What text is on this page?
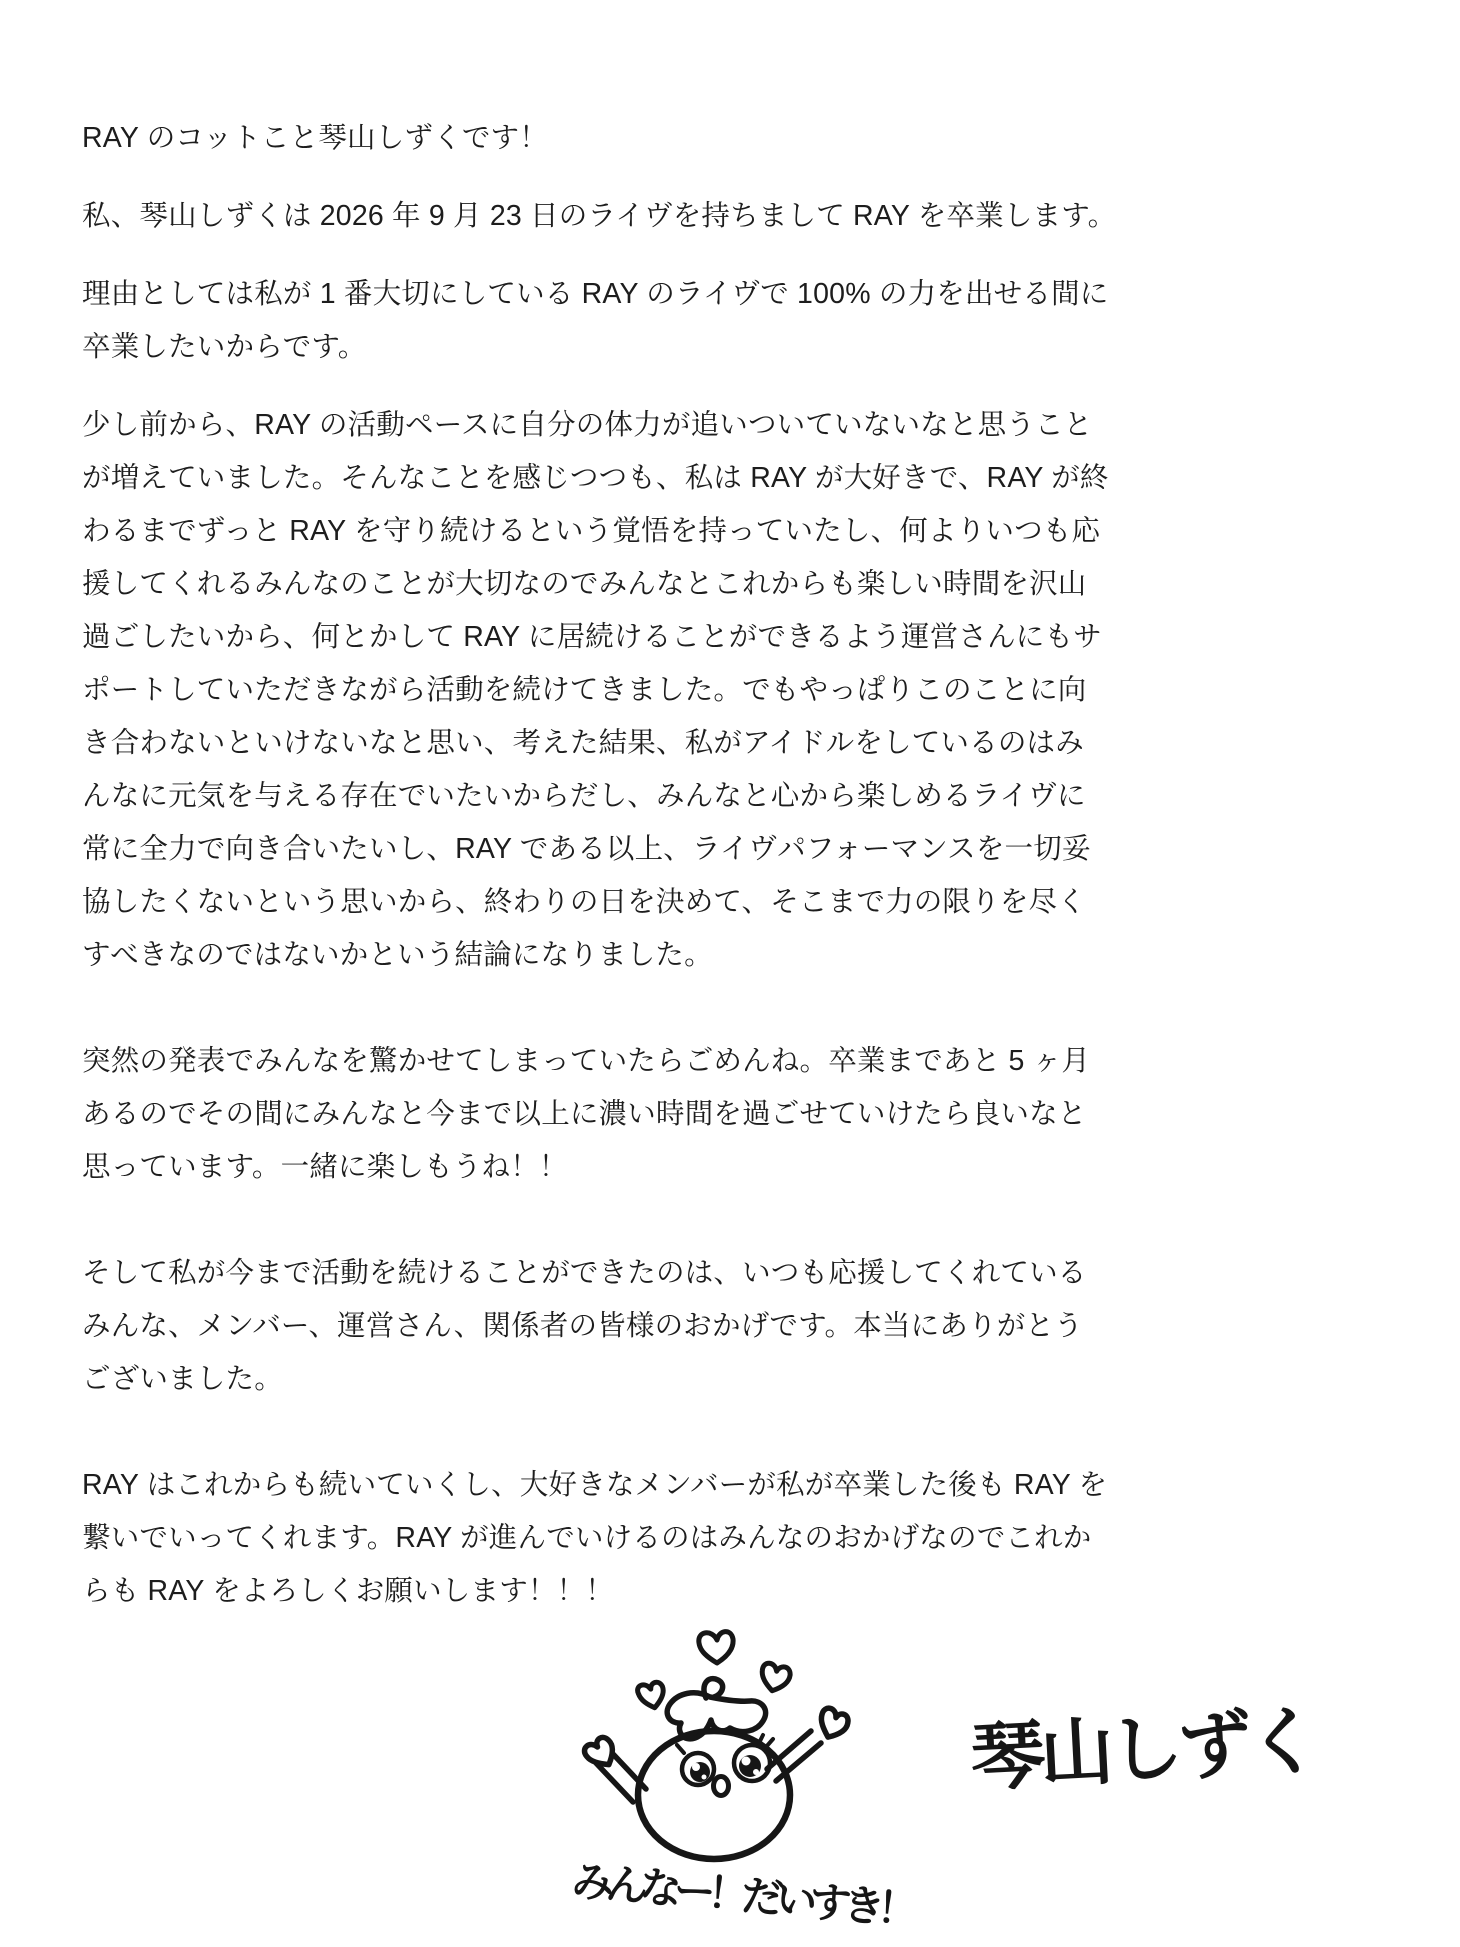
RAY のコットこと琴山しずくです！
私、琴山しずくは 2026 年 9 月 23 日のライヴを持ちまして RAY を卒業します。
理由としては私が 1 番大切にしている RAY のライヴで 100% の力を出せる間に
卒業したいからです。
少し前から、RAY の活動ペースに自分の体力が追いついていないなと思うこと
が増えていました。そんなことを感じつつも、私は RAY が大好きで、RAY が終
わるまでずっと RAY を守り続けるという覚悟を持っていたし、何よりいつも応
援してくれるみんなのことが大切なのでみんなとこれからも楽しい時間を沢山
過ごしたいから、何とかして RAY に居続けることができるよう運営さんにもサ
ポートしていただきながら活動を続けてきました。でもやっぱりこのことに向
き合わないといけないなと思い、考えた結果、私がアイドルをしているのはみ
んなに元気を与える存在でいたいからだし、みんなと心から楽しめるライヴに
常に全力で向き合いたいし、RAY である以上、ライヴパフォーマンスを一切妥
協したくないという思いから、終わりの日を決めて、そこまで力の限りを尽く
すべきなのではないかという結論になりました。
突然の発表でみんなを驚かせてしまっていたらごめんね。卒業まであと 5 ヶ月
あるのでその間にみんなと今まで以上に濃い時間を過ごせていけたら良いなと
思っています。一緒に楽しもうね！！
そして私が今まで活動を続けることができたのは、いつも応援してくれている
みんな、メンバー、運営さん、関係者の皆様のおかげです。本当にありがとう
ございました。
RAY はこれからも続いていくし、大好きなメンバーが私が卒業した後も RAY を
繋いでいってくれます。RAY が進んでいけるのはみんなのおかげなのでこれか
らも RAY をよろしくお願いします！！！
みんなー！だいすき！
琴山しずく
